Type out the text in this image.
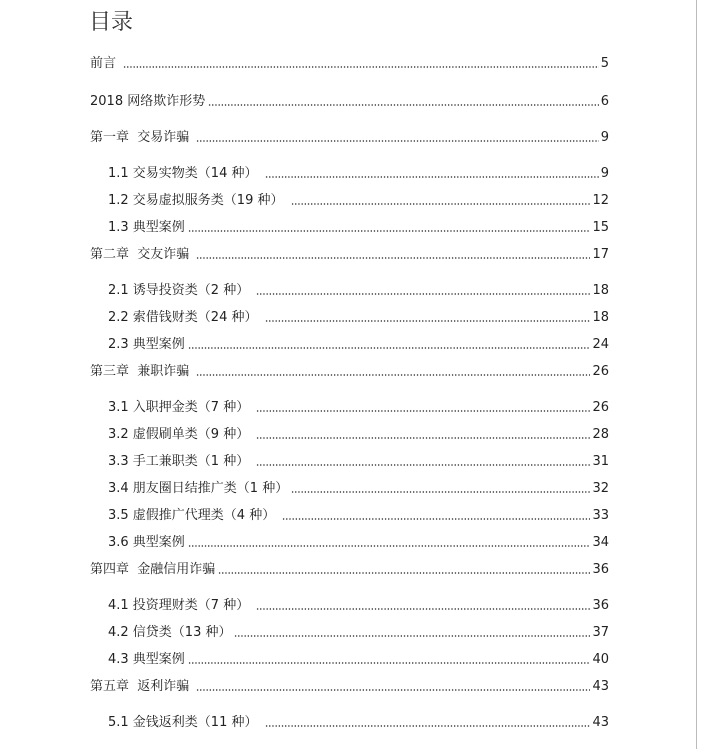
目录
前言	5
2018 网络欺诈形势	6
第一章  交易诈骗	9
1.1 交易实物类（14 种）	9
1.2 交易虚拟服务类（19 种）	12
1.3 典型案例	15
第二章  交友诈骗	17
2.1 诱导投资类（2 种）	18
2.2 索借钱财类（24 种）	18
2.3 典型案例	24
第三章  兼职诈骗	26
3.1 入职押金类（7 种）	26
3.2 虚假刷单类（9 种）	28
3.3 手工兼职类（1 种）	31
3.4 朋友圈日结推广类（1 种）	32
3.5 虚假推广代理类（4 种）	33
3.6 典型案例	34
第四章  金融信用诈骗	36
4.1 投资理财类（7 种）	36
4.2 信贷类（13 种）	37
4.3 典型案例	40
第五章  返利诈骗	43
5.1 金钱返利类（11 种）	43
